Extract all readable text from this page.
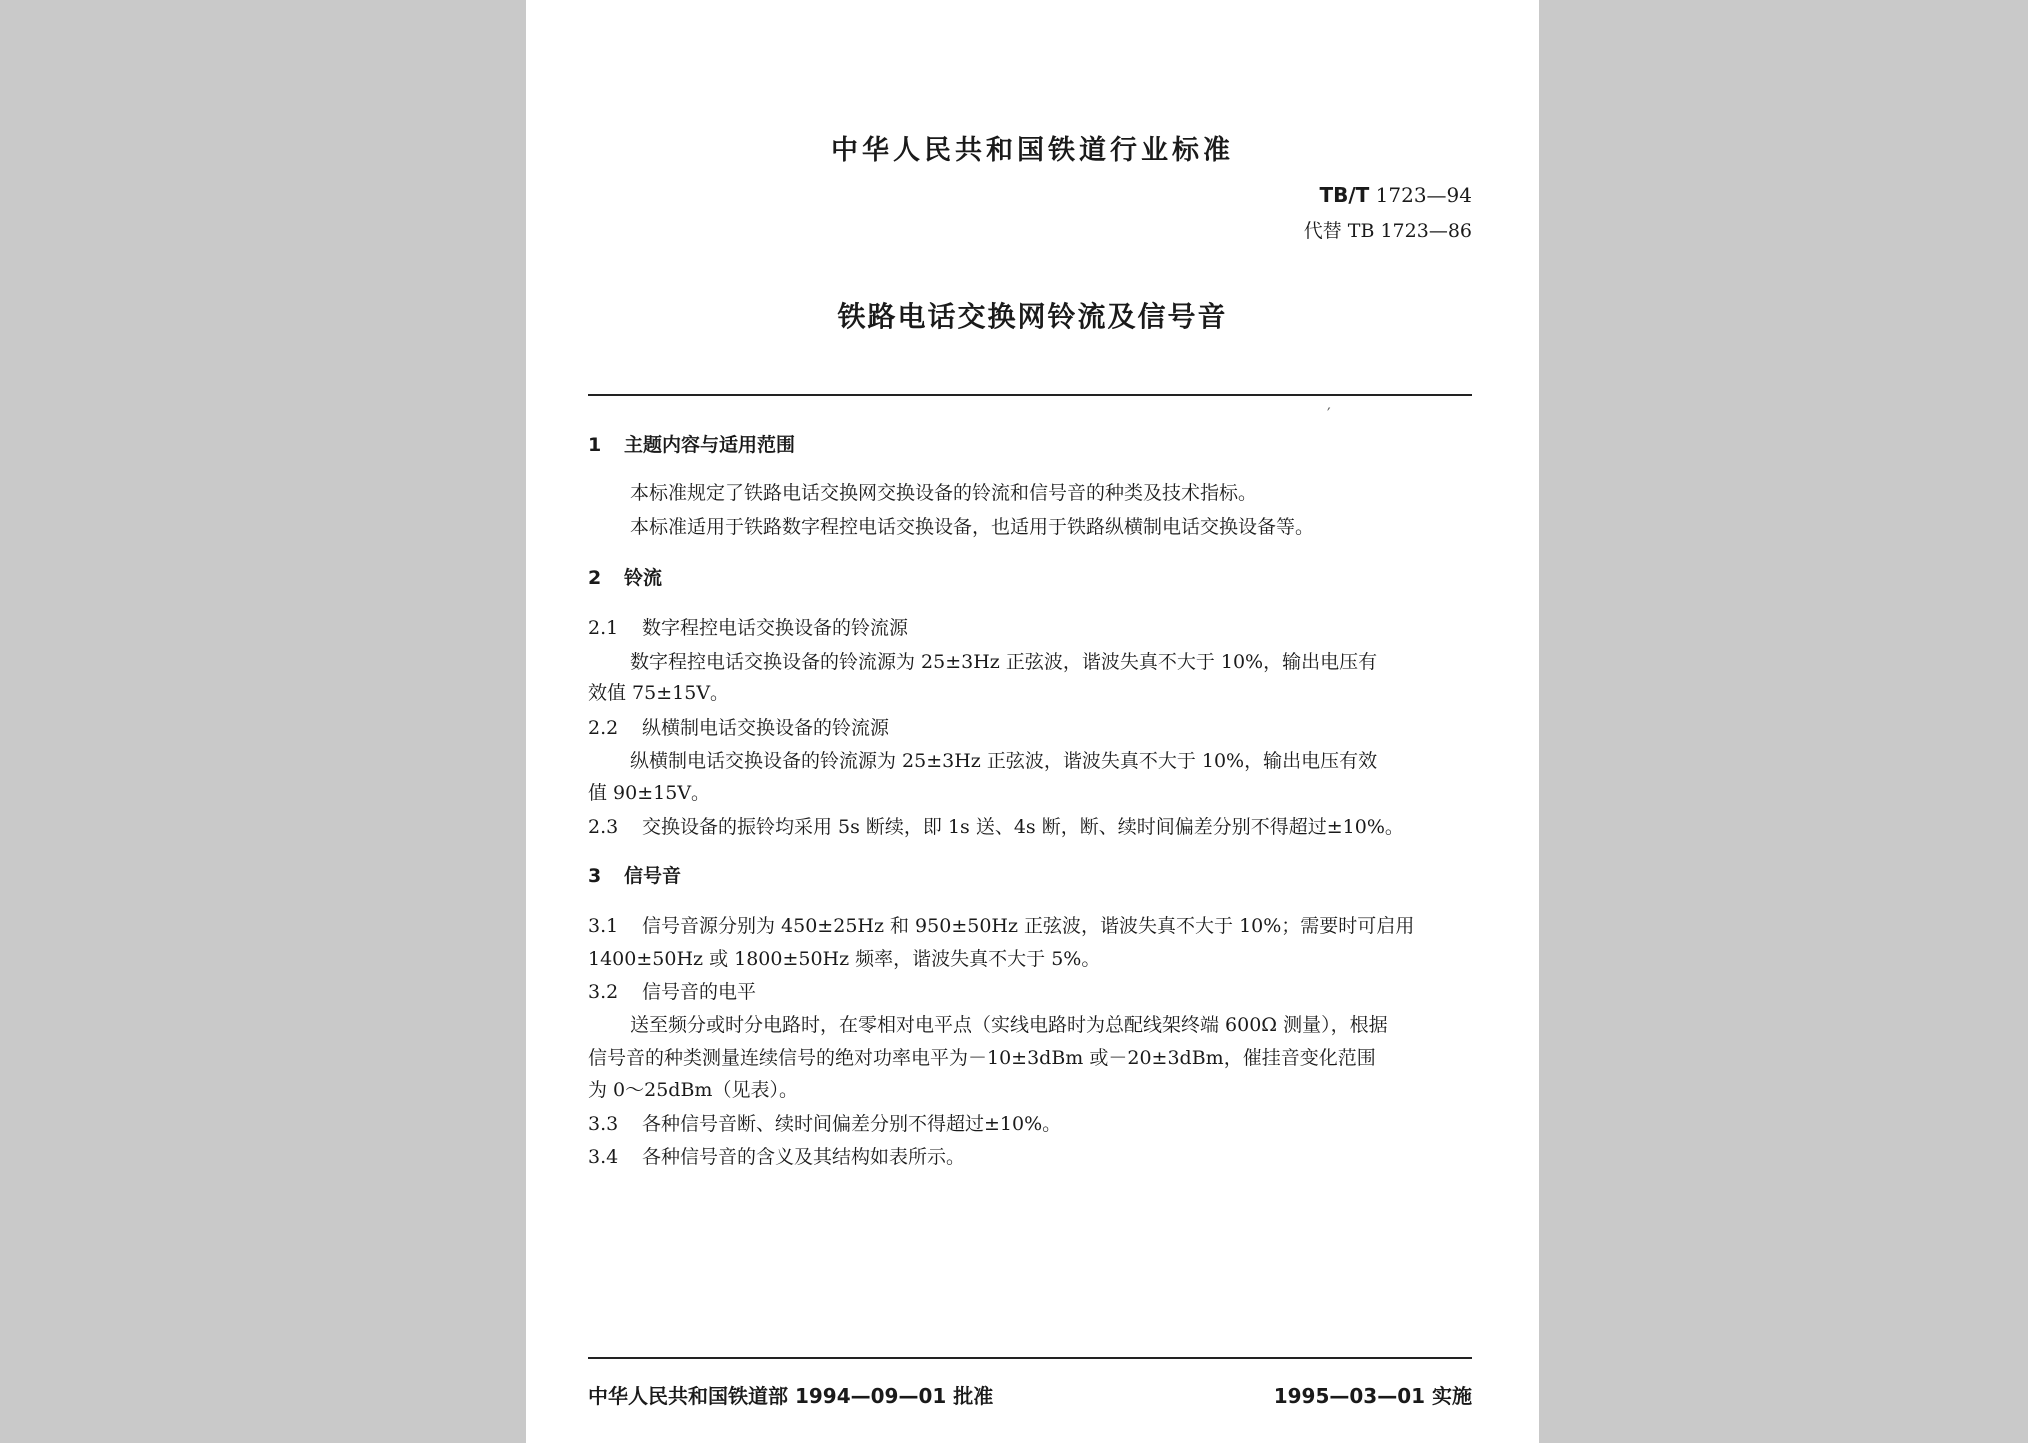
中华人民共和国铁道行业标准
TB/T 1723—94
代替 TB 1723—86
铁路电话交换网铃流及信号音
′
1 主题内容与适用范围
本标准规定了铁路电话交换网交换设备的铃流和信号音的种类及技术指标。
本标准适用于铁路数字程控电话交换设备，也适用于铁路纵横制电话交换设备等。
2 铃流
2.1 数字程控电话交换设备的铃流源
数字程控电话交换设备的铃流源为 25±3Hz 正弦波，谐波失真不大于 10%，输出电压有
效值 75±15V。
2.2 纵横制电话交换设备的铃流源
纵横制电话交换设备的铃流源为 25±3Hz 正弦波，谐波失真不大于 10%，输出电压有效
值 90±15V。
2.3 交换设备的振铃均采用 5s 断续，即 1s 送、4s 断，断、续时间偏差分别不得超过±10%。
3 信号音
3.1 信号音源分别为 450±25Hz 和 950±50Hz 正弦波，谐波失真不大于 10%；需要时可启用
1400±50Hz 或 1800±50Hz 频率，谐波失真不大于 5%。
3.2 信号音的电平
送至频分或时分电路时，在零相对电平点（实线电路时为总配线架终端 600Ω 测量），根据
信号音的种类测量连续信号的绝对功率电平为－10±3dBm 或－20±3dBm，催挂音变化范围
为 0～25dBm（见表）。
3.3 各种信号音断、续时间偏差分别不得超过±10%。
3.4 各种信号音的含义及其结构如表所示。
中华人民共和国铁道部 1994—09—01 批准	1995—03—01 实施
